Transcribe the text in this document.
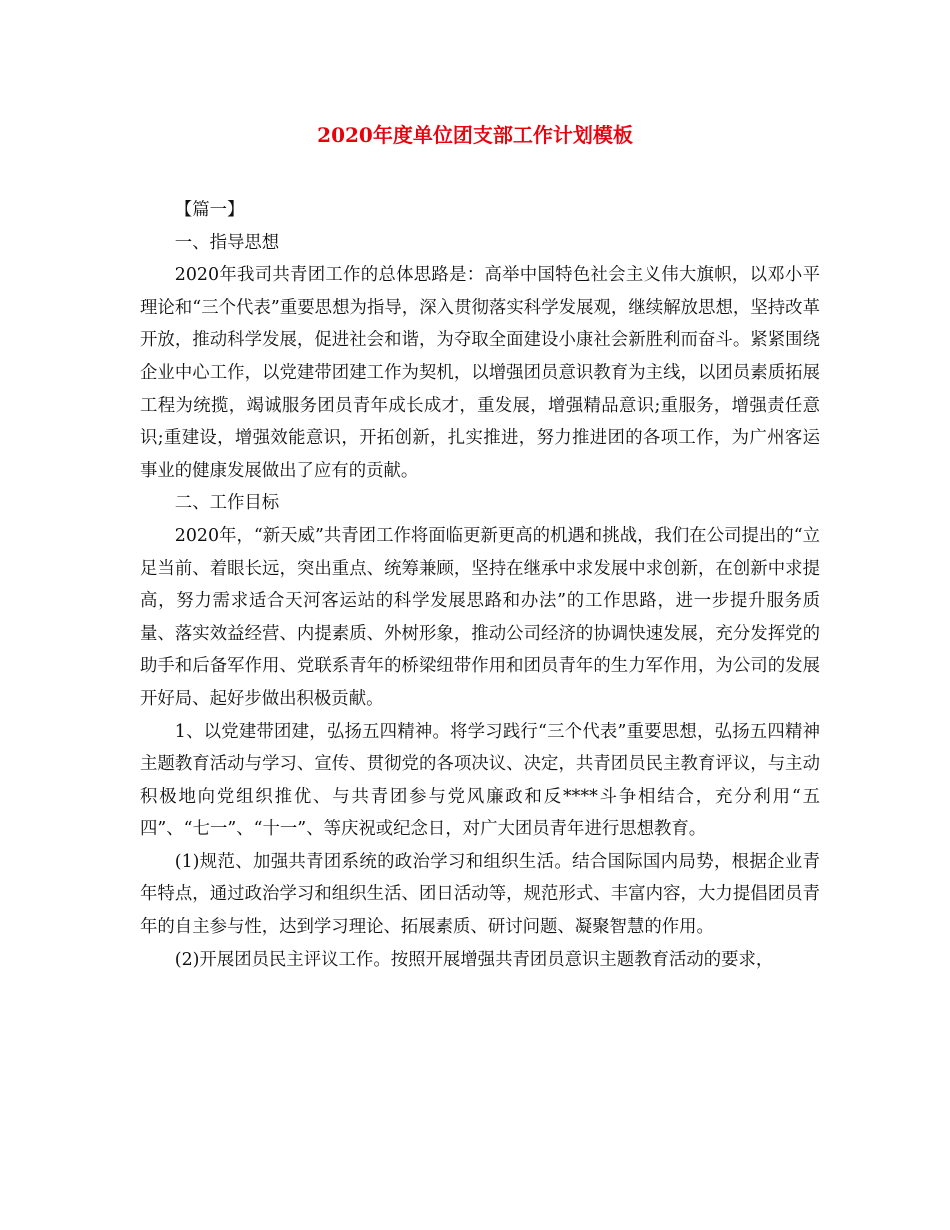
2020年度单位团支部工作计划模板

【篇一】

一、指导思想

2020年我司共青团工作的总体思路是：高举中国特色社会主义伟大旗帜，以邓小平理论和“三个代表”重要思想为指导，深入贯彻落实科学发展观，继续解放思想，坚持改革开放，推动科学发展，促进社会和谐，为夺取全面建设小康社会新胜利而奋斗。紧紧围绕企业中心工作，以党建带团建工作为契机，以增强团员意识教育为主线，以团员素质拓展工程为统揽，竭诚服务团员青年成长成才，重发展，增强精品意识;重服务，增强责任意识;重建设，增强效能意识，开拓创新，扎实推进，努力推进团的各项工作，为广州客运事业的健康发展做出了应有的贡献。

二、工作目标

2020年，“新天威”共青团工作将面临更新更高的机遇和挑战，我们在公司提出的“立足当前、着眼长远，突出重点、统筹兼顾，坚持在继承中求发展中求创新，在创新中求提高，努力需求适合天河客运站的科学发展思路和办法”的工作思路，进一步提升服务质量、落实效益经营、内提素质、外树形象，推动公司经济的协调快速发展，充分发挥党的助手和后备军作用、党联系青年的桥梁纽带作用和团员青年的生力军作用，为公司的发展开好局、起好步做出积极贡献。

1、以党建带团建，弘扬五四精神。将学习践行“三个代表”重要思想，弘扬五四精神主题教育活动与学习、宣传、贯彻党的各项决议、决定，共青团员民主教育评议，与主动积极地向党组织推优、与共青团参与党风廉政和反****斗争相结合，充分利用“五四”、“七一”、“十一”、等庆祝或纪念日，对广大团员青年进行思想教育。

(1)规范、加强共青团系统的政治学习和组织生活。结合国际国内局势，根据企业青年特点，通过政治学习和组织生活、团日活动等，规范形式、丰富内容，大力提倡团员青年的自主参与性，达到学习理论、拓展素质、研讨问题、凝聚智慧的作用。

(2)开展团员民主评议工作。按照开展增强共青团员意识主题教育活动的要求，
